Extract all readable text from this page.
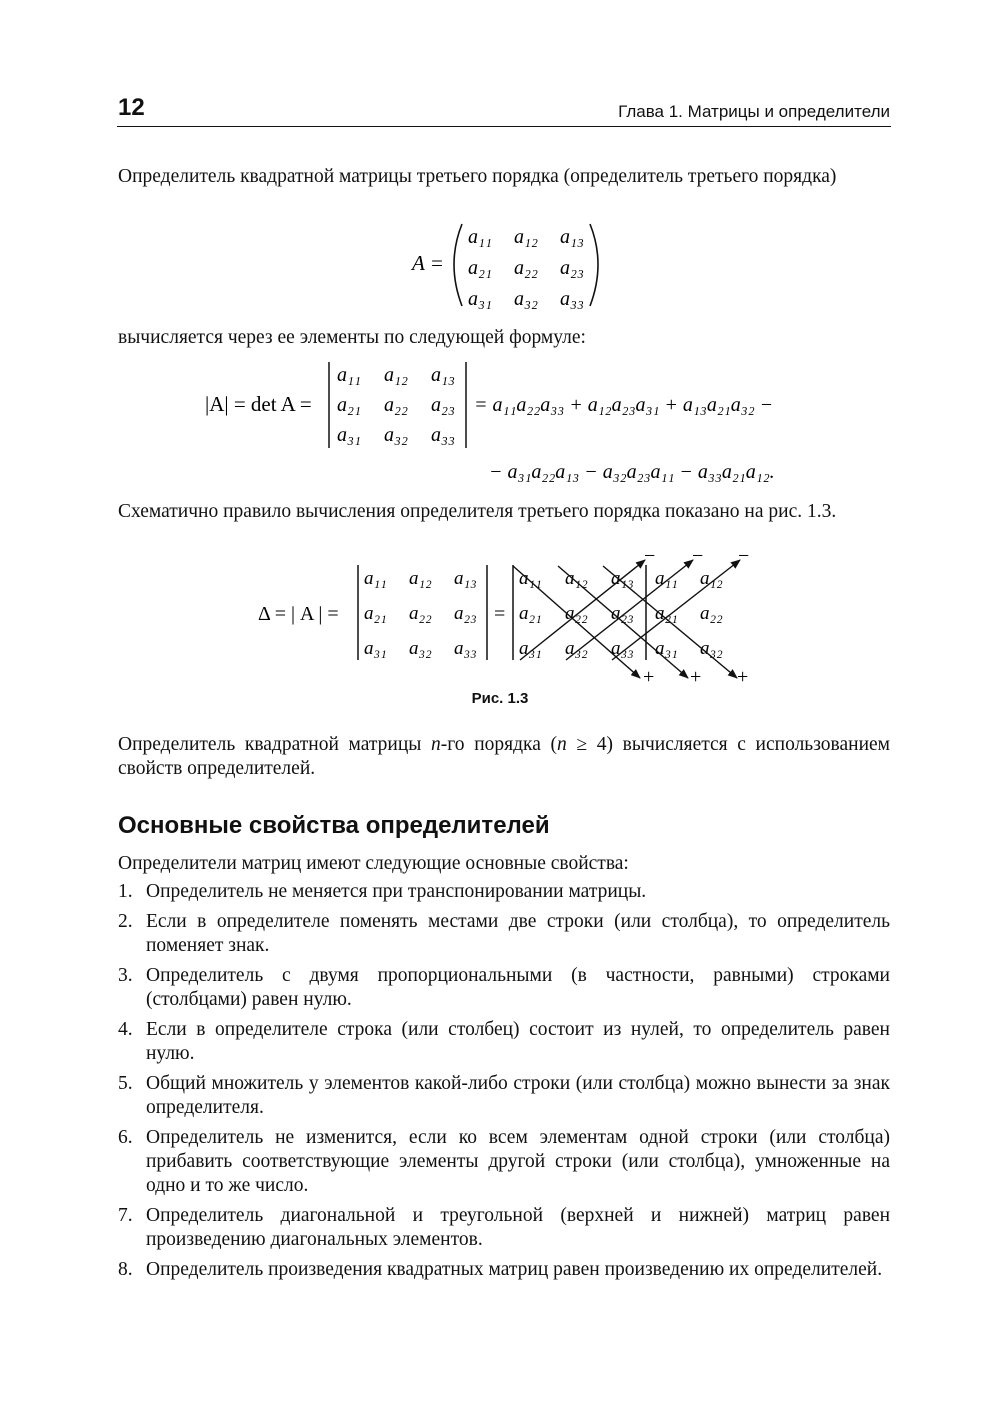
12	Глава 1. Матрицы и определители
Определитель квадратной матрицы третьего порядка (определитель третьего порядка)
A =
a₁₁ a₁₂ a₁₃
a₂₁ a₂₂ a₂₃
a₃₁ a₃₂ a₃₃
|A| = det A =
a₁₁ a₁₂ a₁₃
a₂₁ a₂₂ a₂₃
a₃₁ a₃₂ a₃₃
= a₁₁a₂₂a₃₃ + a₁₂a₂₃a₃₁ + a₁₃a₂₁a₃₂ −
− a₃₁a₂₂a₁₃ − a₃₂a₂₃a₁₁ − a₃₃a₂₁a₁₂.
вычисляется через ее элементы по следующей формуле:
Схематично правило вычисления определителя третьего порядка показано на рис. 1.3.
Δ = | A | =
a₁₁ a₁₂ a₁₃
a₂₁ a₂₂ a₂₃
a₃₁ a₃₂ a₃₃
=
a₁₁ a₁₂ a₁₃ a₁₁ a₁₂
a₂₁ a₂₂ a₂₃ a₂₁ a₂₂
a₃₁ a₃₂ a₃₃ a₃₁ a₃₂
− − −
+ + +
Рис. 1.3
Определитель квадратной матрицы n-го порядка (n ≥ 4) вычисляется с использованием свойств определителей.
Основные свойства определителей
Определители матриц имеют следующие основные свойства:
1. Определитель не меняется при транспонировании матрицы.
2. Если в определителе поменять местами две строки (или столбца), то определитель поменяет знак.
3. Определитель с двумя пропорциональными (в частности, равными) строками (столбцами) равен нулю.
4. Если в определителе строка (или столбец) состоит из нулей, то определитель равен нулю.
5. Общий множитель у элементов какой-либо строки (или столбца) можно вынести за знак определителя.
6. Определитель не изменится, если ко всем элементам одной строки (или столбца) прибавить соответствующие элементы другой строки (или столбца), умноженные на одно и то же число.
7. Определитель диагональной и треугольной (верхней и нижней) матриц равен произведению диагональных элементов.
8. Определитель произведения квадратных матриц равен произведению их определителей.
